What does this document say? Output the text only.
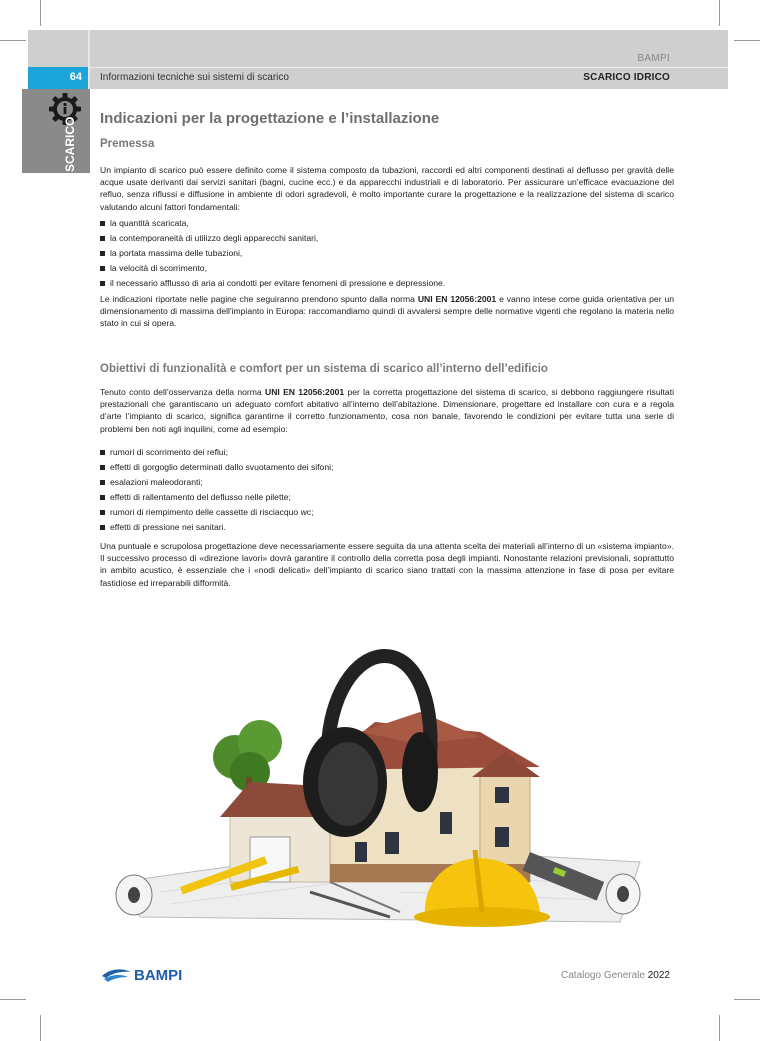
BAMPI
64	Informazioni tecniche sui sistemi di scarico	SCARICO IDRICO
SCARICO Indicazioni per la progettazione e l’installazione
Premessa

Un impianto di scarico può essere definito come il sistema composto da tubazioni, raccordi ed altri componenti destinati al deflusso per gravità delle acque usate derivanti dai servizi sanitari (bagni, cucine ecc.) e da apparecchi industriali e di laboratorio. Per assicurare un'efficace evacuazione del refluo, senza riflussi e diffusione in ambiente di odori sgradevoli, è molto importante curare la progettazione e la realizzazione del sistema di scarico valutando alcuni fattori fondamentali:

la quantità scaricata,
la contemporaneità di utilizzo degli apparecchi sanitari,
la portata massima delle tubazioni,
la velocità di scorrimento,
il necessario afflusso di aria ai condotti per evitare fenomeni di pressione e depressione.

Le indicazioni riportate nelle pagine che seguiranno prendono spunto dalla norma UNI EN 12056:2001 e vanno intese come guida orientativa per un dimensionamento di massima dell'impianto in Europa: raccomandiamo quindi di avvalersi sempre delle normative vigenti che regolano la materia nello stato in cui si opera.

Obiettivi di funzionalità e comfort per un sistema di scarico all’interno dell’edificio

Tenuto conto dell’osservanza della norma UNI EN 12056:2001 per la corretta progettazione del sistema di scarico, si debbono raggiungere risultati prestazionali che garantiscano un adeguato comfort abitativo all’interno dell’abitazione. Dimensionare, progettare ed installare con cura e a regola d’arte l’impianto di scarico, significa garantirne il corretto funzionamento, cosa non banale, favorendo le condizioni per evitare tutta una serie di problemi ben noti agli inquilini, come ad esempio:

rumori di scorrimento dei reflui;
effetti di gorgoglio determinati dallo svuotamento dei sifoni;
esalazioni maleodoranti;
effetti di rallentamento del deflusso nelle pilette;
rumori di riempimento delle cassette di risciacquo wc;
effetti di pressione nei sanitari.

Una puntuale e scrupolosa progettazione deve necessariamente essere seguita da una attenta scelta dei materiali all’interno di un «sistema impianto». Il successivo processo di «direzione lavori» dovrà garantire il controllo della corretta posa degli impianti. Nonostante relazioni previsionali, soprattutto in ambito acustico, è essenziale che i «nodi delicati» dell’impianto di scarico siano trattati con la massima attenzione in fase di posa per evitare fastidiose ed irreparabili difformità.

BAMPI	Catalogo Generale 2022
